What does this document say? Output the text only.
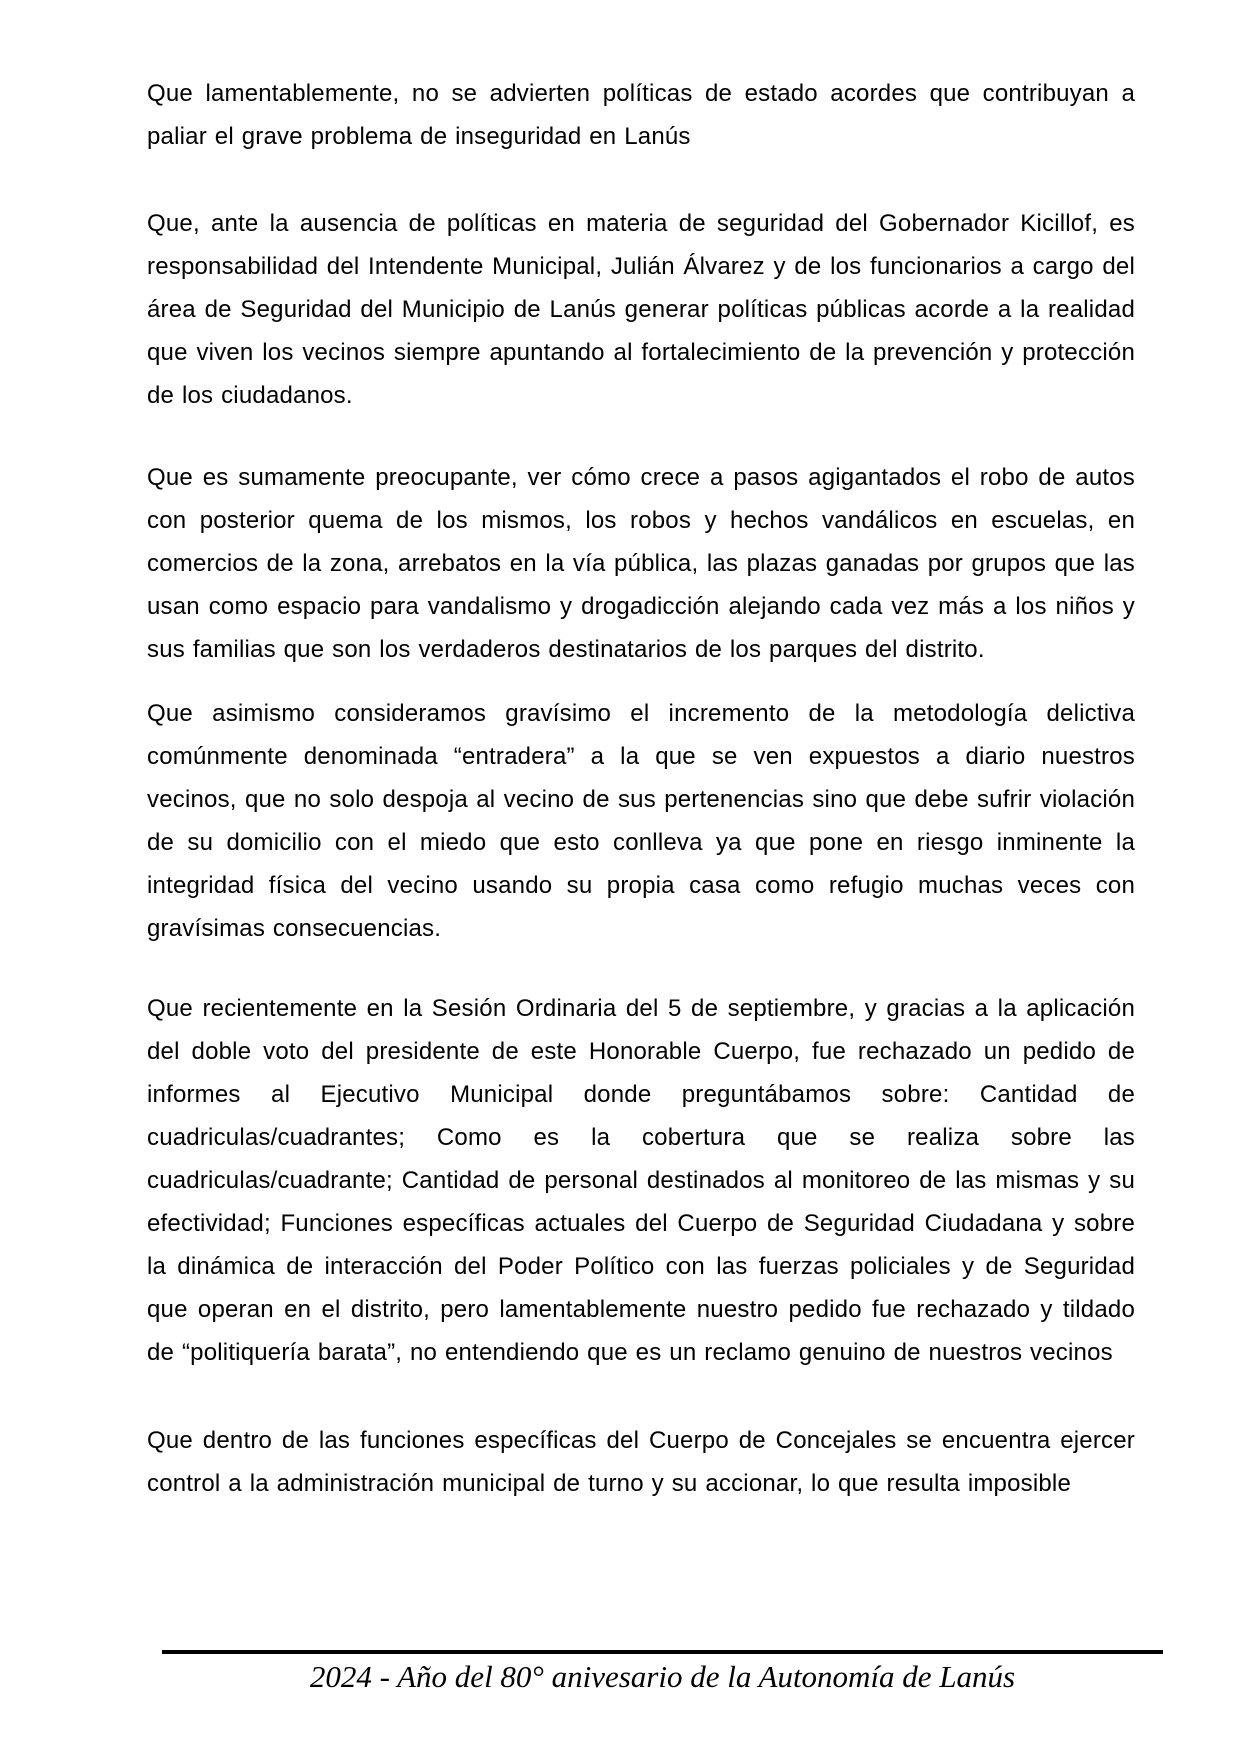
Que lamentablemente, no se advierten políticas de estado acordes que contribuyan a paliar el grave problema de inseguridad en Lanús

Que, ante la ausencia de políticas en materia de seguridad del Gobernador Kicillof, es responsabilidad del Intendente Municipal, Julián Álvarez y de los funcionarios a cargo del área de Seguridad del Municipio de Lanús generar políticas públicas acorde a la realidad que viven los vecinos siempre apuntando al fortalecimiento de la prevención y protección de los ciudadanos.

Que es sumamente preocupante, ver cómo crece a pasos agigantados el robo de autos con posterior quema de los mismos, los robos y hechos vandálicos en escuelas, en comercios de la zona, arrebatos en la vía pública, las plazas ganadas por grupos que las usan como espacio para vandalismo y drogadicción alejando cada vez más a los niños y sus familias que son los verdaderos destinatarios de los parques del distrito.

Que asimismo consideramos gravísimo el incremento de la metodología delictiva comúnmente denominada “entradera” a la que se ven expuestos a diario nuestros vecinos, que no solo despoja al vecino de sus pertenencias sino que debe sufrir violación de su domicilio con el miedo que esto conlleva ya que pone en riesgo inminente la integridad física del vecino usando su propia casa como refugio muchas veces con gravísimas consecuencias.

Que recientemente en la Sesión Ordinaria del 5 de septiembre, y gracias a la aplicación del doble voto del presidente de este Honorable Cuerpo, fue rechazado un pedido de informes al Ejecutivo Municipal donde preguntábamos sobre: Cantidad de cuadriculas/cuadrantes; Como es la cobertura que se realiza sobre las cuadriculas/cuadrante; Cantidad de personal destinados al monitoreo de las mismas y su efectividad; Funciones específicas actuales del Cuerpo de Seguridad Ciudadana y sobre la dinámica de interacción del Poder Político con las fuerzas policiales y de Seguridad que operan en el distrito, pero lamentablemente nuestro pedido fue rechazado y tildado de “politiquería barata”, no entendiendo que es un reclamo genuino de nuestros vecinos

Que dentro de las funciones específicas del Cuerpo de Concejales se encuentra ejercer control a la administración municipal de turno y su accionar, lo que resulta imposible

2024 - Año del 80° anivesario de la Autonomía de Lanús
